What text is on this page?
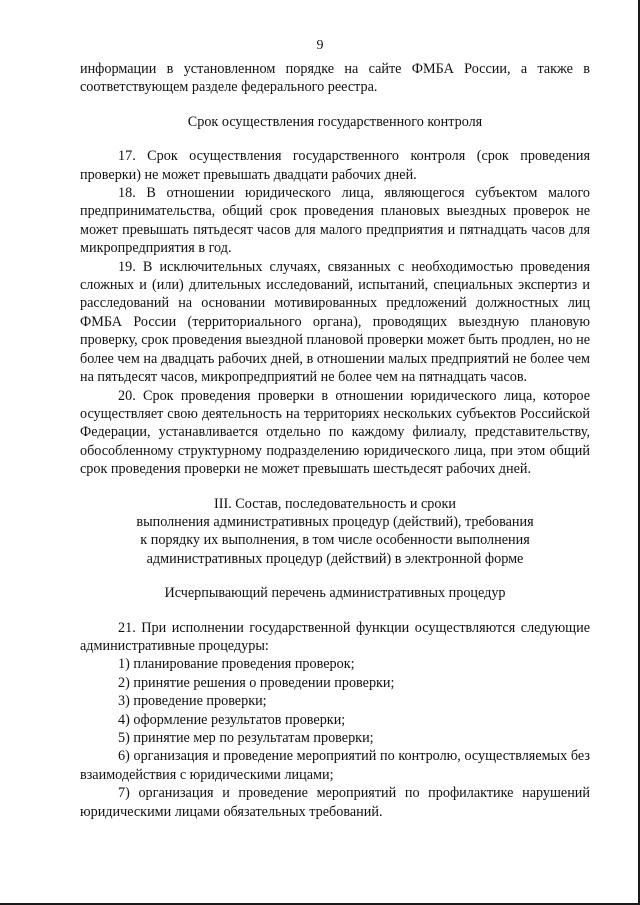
9

информации в установленном порядке на сайте ФМБА России, а также в соответствующем разделе федерального реестра.

Срок осуществления государственного контроля

17. Срок осуществления государственного контроля (срок проведения проверки) не может превышать двадцати рабочих дней.

18. В отношении юридического лица, являющегося субъектом малого предпринимательства, общий срок проведения плановых выездных проверок не может превышать пятьдесят часов для малого предприятия и пятнадцать часов для микропредприятия в год.

19. В исключительных случаях, связанных с необходимостью проведения сложных и (или) длительных исследований, испытаний, специальных экспертиз и расследований на основании мотивированных предложений должностных лиц ФМБА России (территориального органа), проводящих выездную плановую проверку, срок проведения выездной плановой проверки может быть продлен, но не более чем на двадцать рабочих дней, в отношении малых предприятий не более чем на пятьдесят часов, микропредприятий не более чем на пятнадцать часов.

20. Срок проведения проверки в отношении юридического лица, которое осуществляет свою деятельность на территориях нескольких субъектов Российской Федерации, устанавливается отдельно по каждому филиалу, представительству, обособленному структурному подразделению юридического лица, при этом общий срок проведения проверки не может превышать шестьдесят рабочих дней.

III. Состав, последовательность и сроки

выполнения административных процедур (действий), требования

к порядку их выполнения, в том числе особенности выполнения

административных процедур (действий) в электронной форме

Исчерпывающий перечень административных процедур

21. При исполнении государственной функции осуществляются следующие административные процедуры:

1) планирование проведения проверок;

2) принятие решения о проведении проверки;

3) проведение проверки;

4) оформление результатов проверки;

5) принятие мер по результатам проверки;

6) организация и проведение мероприятий по контролю, осуществляемых без взаимодействия с юридическими лицами;

7) организация и проведение мероприятий по профилактике нарушений юридическими лицами обязательных требований.
